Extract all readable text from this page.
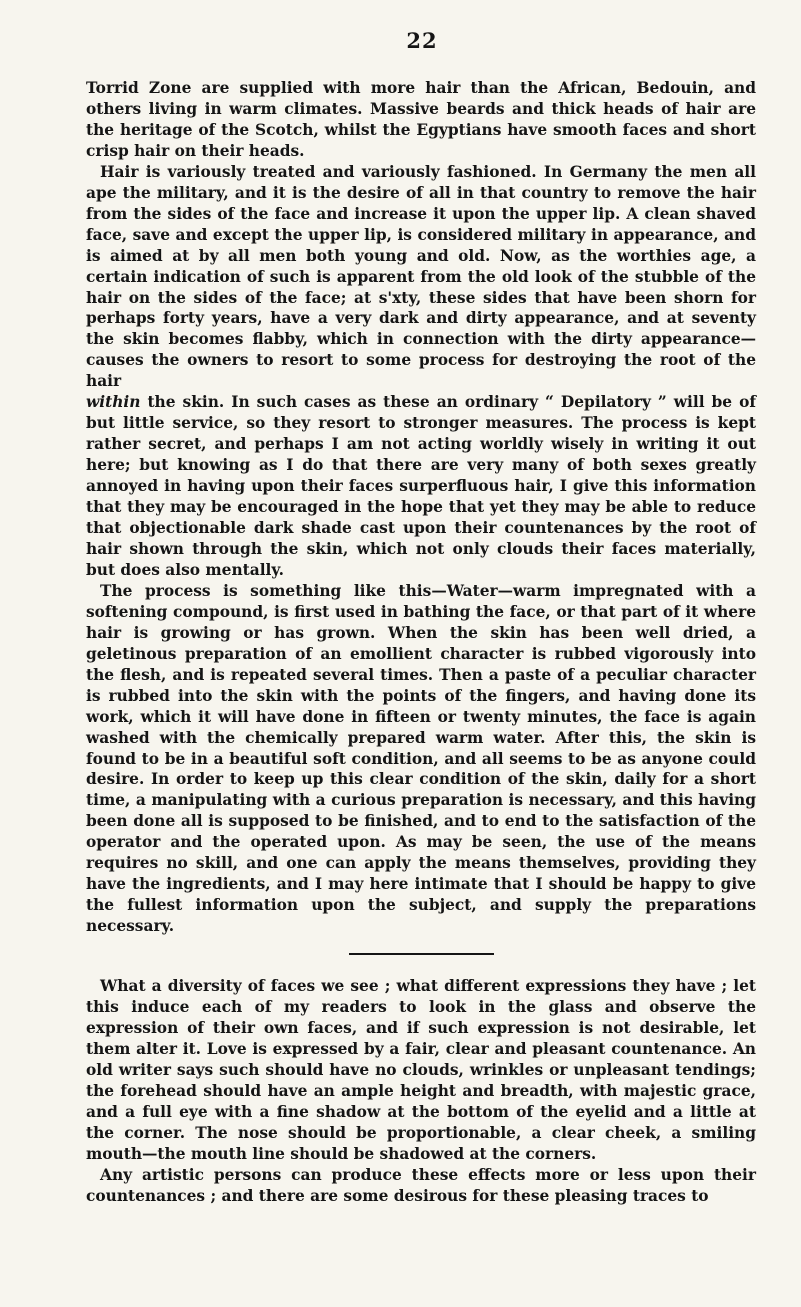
22

Torrid Zone are supplied with more hair than the African, Bedouin, and others living in warm climates. Massive beards and thick heads of hair are the heritage of the Scotch, whilst the Egyptians have smooth faces and short crisp hair on their heads.

Hair is variously treated and variously fashioned. In Germany the men all ape the military, and it is the desire of all in that country to remove the hair from the sides of the face and increase it upon the upper lip. A clean shaved face, save and except the upper lip, is considered military in appearance, and is aimed at by all men both young and old. Now, as the worthies age, a certain indication of such is apparent from the old look of the stubble of the hair on the sides of the face; at s'xty, these sides that have been shorn for perhaps forty years, have a very dark and dirty appearance, and at seventy the skin becomes flabby, which in connection with the dirty appearance—causes the owners to resort to some process for destroying the root of the hair

within the skin. In such cases as these an ordinary “ Depilatory ” will be of but little service, so they resort to stronger measures. The process is kept rather secret, and perhaps I am not acting worldly wisely in writing it out here; but knowing as I do that there are very many of both sexes greatly annoyed in having upon their faces surperfluous hair, I give this information that they may be encouraged in the hope that yet they may be able to reduce that objectionable dark shade cast upon their countenances by the root of hair shown through the skin, which not only clouds their faces materially, but does also mentally.

The process is something like this—Water—warm impregnated with a softening compound, is first used in bathing the face, or that part of it where hair is growing or has grown. When the skin has been well dried, a geletinous preparation of an emollient character is rubbed vigorously into the flesh, and is repeated several times. Then a paste of a peculiar character is rubbed into the skin with the points of the fingers, and having done its work, which it will have done in fifteen or twenty minutes, the face is again washed with the chemically prepared warm water. After this, the skin is found to be in a beautiful soft condition, and all seems to be as anyone could desire. In order to keep up this clear condition of the skin, daily for a short time, a manipulating with a curious preparation is necessary, and this having been done all is supposed to be finished, and to end to the satisfaction of the operator and the operated upon. As may be seen, the use of the means requires no skill, and one can apply the means themselves, providing they have the ingredients, and I may here intimate that I should be happy to give the fullest information upon the subject, and supply the preparations necessary.

What a diversity of faces we see ; what different expressions they have ; let this induce each of my readers to look in the glass and observe the expression of their own faces, and if such expression is not desirable, let them alter it. Love is expressed by a fair, clear and pleasant countenance. An old writer says such should have no clouds, wrinkles or unpleasant tendings; the forehead should have an ample height and breadth, with majestic grace, and a full eye with a fine shadow at the bottom of the eyelid and a little at the corner. The nose should be proportionable, a clear cheek, a smiling mouth—the mouth line should be shadowed at the corners.

Any artistic persons can produce these effects more or less upon their countenances ; and there are some desirous for these pleasing traces to
